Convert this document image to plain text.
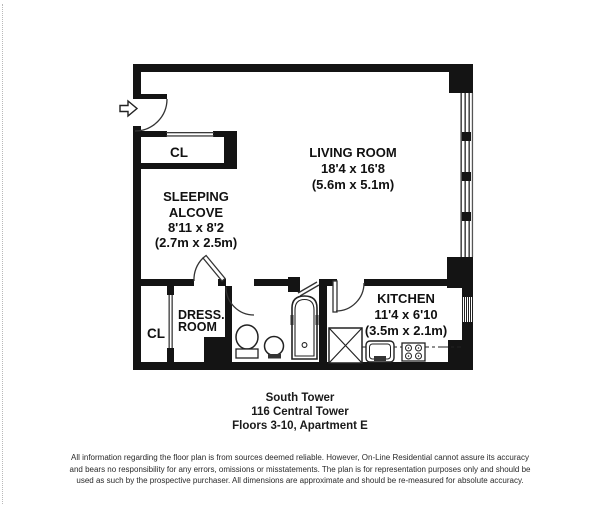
LIVING ROOM
18'4 x 16'8
(5.6m x 5.1m)
SLEEPING
ALCOVE
8'11 x 8'2
(2.7m x 2.5m)
KITCHEN
11'4 x 6'10
(3.5m x 2.1m)
CL
CL
DRESS.
ROOM
South Tower
116 Central Tower
Floors 3-10, Apartment E
All information regarding the floor plan is from sources deemed reliable. However, On-Line Residential cannot assure its accuracy
and bears no responsibility for any errors, omissions or misstatements. The plan is for representation purposes only and should be
used as such by the prospective purchaser. All dimensions are approximate and should be re-measured for absolute accuracy.
